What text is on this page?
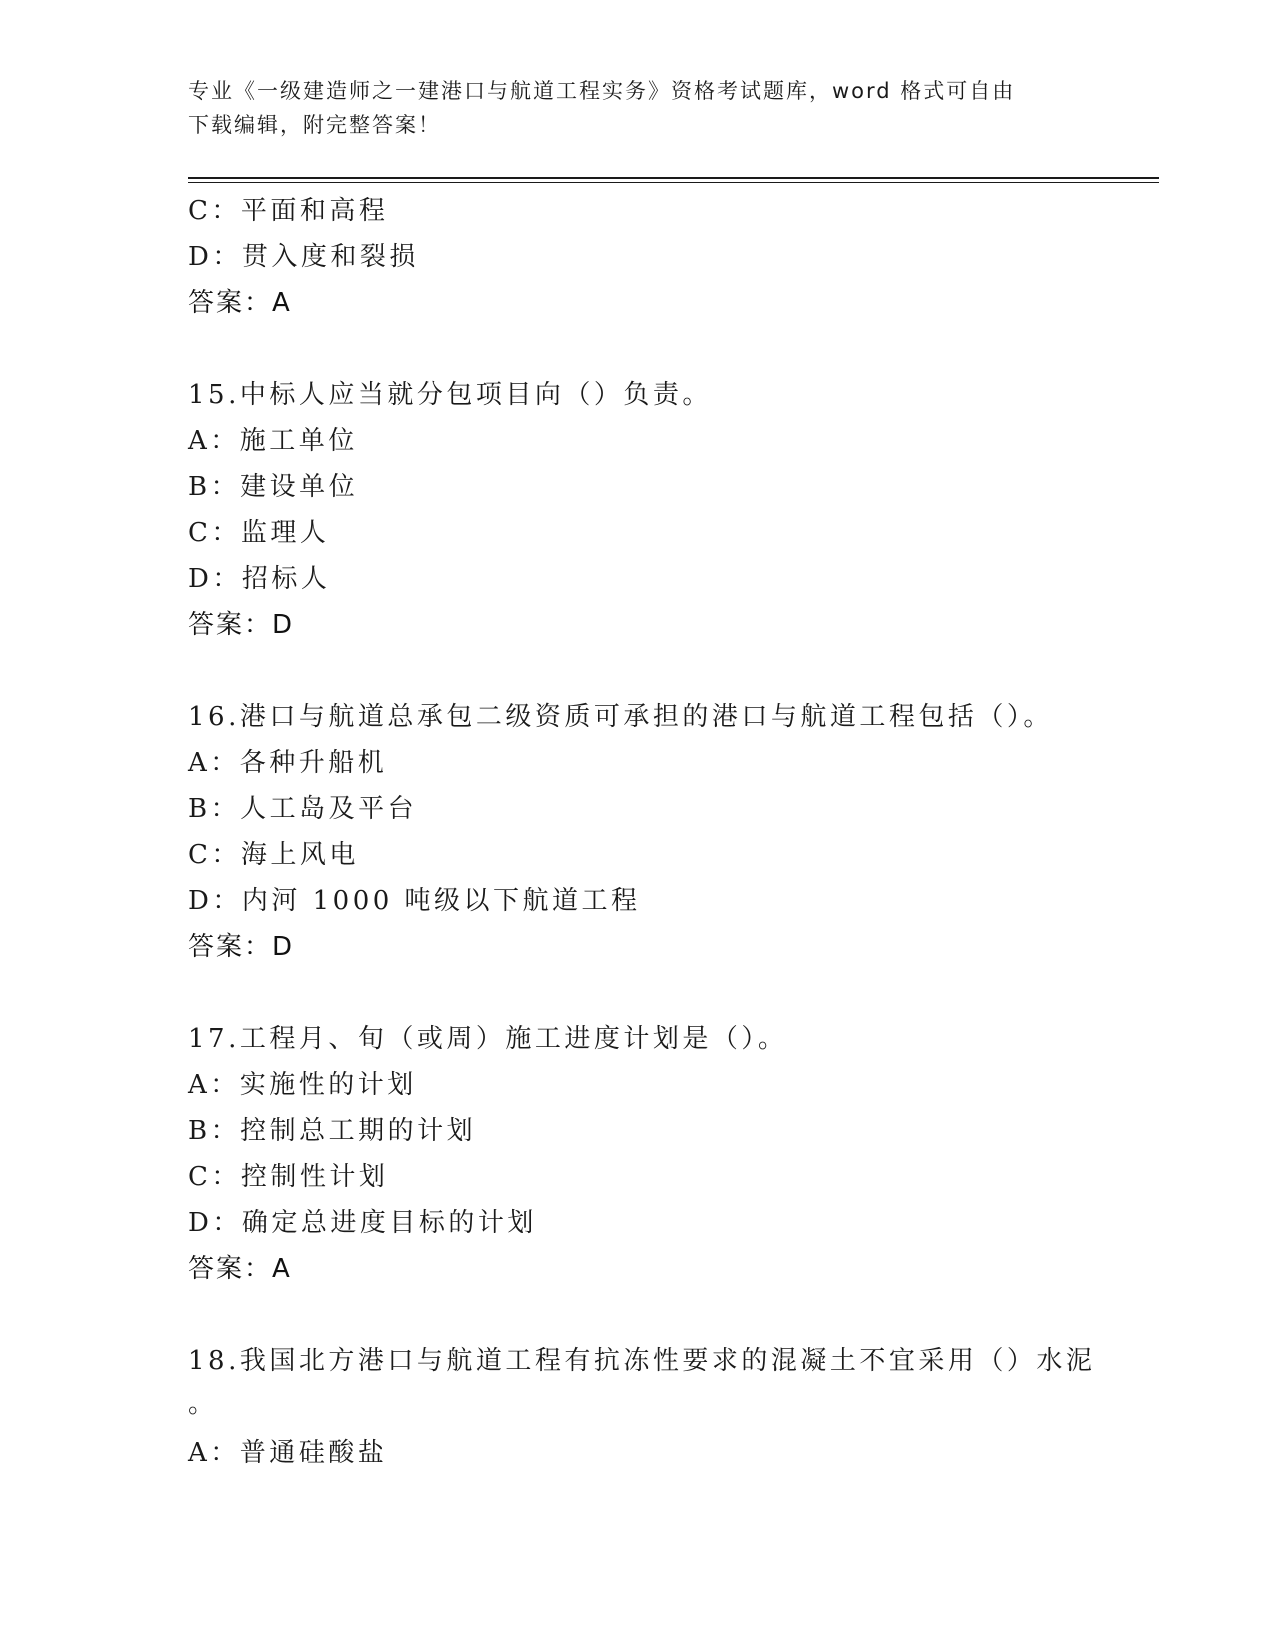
专业《一级建造师之一建港口与航道工程实务》资格考试题库，word 格式可自由
下载编辑，附完整答案！
C：平面和高程
D：贯入度和裂损
答案：A
15.中标人应当就分包项目向（）负责。
A：施工单位
B：建设单位
C：监理人
D：招标人
答案：D
16.港口与航道总承包二级资质可承担的港口与航道工程包括（）。
A：各种升船机
B：人工岛及平台
C：海上风电
D：内河 1000 吨级以下航道工程
答案：D
17.工程月、旬（或周）施工进度计划是（）。
A：实施性的计划
B：控制总工期的计划
C：控制性计划
D：确定总进度目标的计划
答案：A
18.我国北方港口与航道工程有抗冻性要求的混凝土不宜采用（）水泥
。
A：普通硅酸盐
